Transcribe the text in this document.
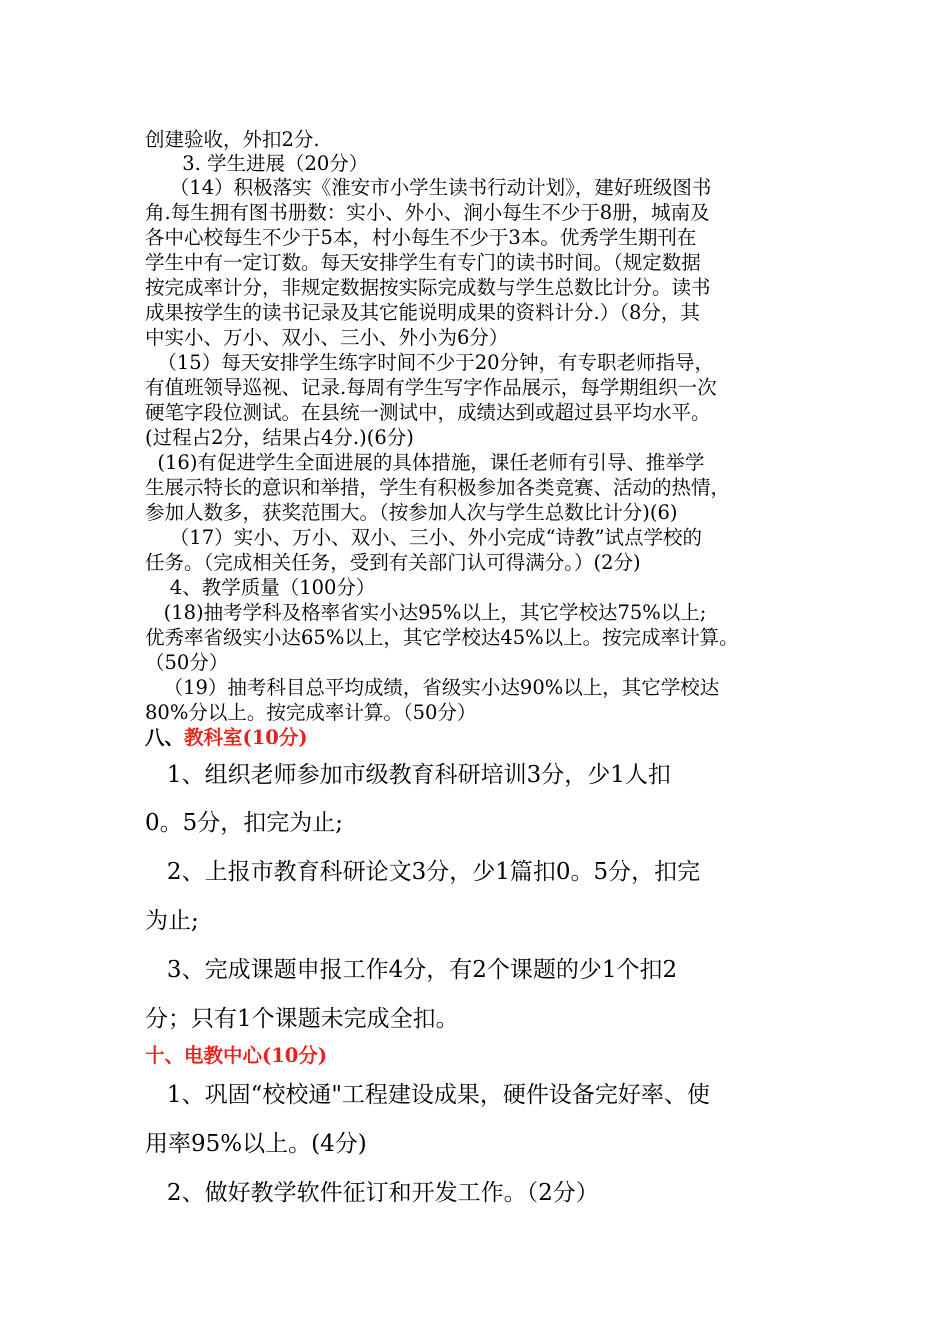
创建验收，外扣2分.

3. 学生进展（20分）

（14）积极落实《淮安市小学生读书行动计划》，建好班级图书

角.每生拥有图书册数：实小、外小、涧小每生不少于8册，城南及

各中心校每生不少于5本，村小每生不少于3本。优秀学生期刊在

学生中有一定订数。每天安排学生有专门的读书时间。（规定数据

按完成率计分，非规定数据按实际完成数与学生总数比计分。读书

成果按学生的读书记录及其它能说明成果的资料计分.）（8分，其

中实小、万小、双小、三小、外小为6分）

（15）每天安排学生练字时间不少于20分钟，有专职老师指导，

有值班领导巡视、记录.每周有学生写字作品展示，每学期组织一次

硬笔字段位测试。在县统一测试中，成绩达到或超过县平均水平。

(过程占2分，结果占4分.)(6分)

(16)有促进学生全面进展的具体措施，课任老师有引导、推举学

生展示特长的意识和举措，学生有积极参加各类竞赛、活动的热情，

参加人数多，获奖范围大。（按参加人次与学生总数比计分)(6)

（17）实小、万小、双小、三小、外小完成“诗教”试点学校的

任务。（完成相关任务，受到有关部门认可得满分。）(2分)

4、教学质量（100分）

(18)抽考学科及格率省实小达95%以上，其它学校达75%以上;

优秀率省级实小达65%以上，其它学校达45%以上。按完成率计算。

（50分）

（19）抽考科目总平均成绩，省级实小达90%以上，其它学校达

80%分以上。按完成率计算。（50分）

八、教科室(10分)

1、组织老师参加市级教育科研培训3分，少1人扣

0。5分，扣完为止;

2、上报市教育科研论文3分，少1篇扣0。5分，扣完

为止;

3、完成课题申报工作4分，有2个课题的少1个扣2

分；只有1个课题未完成全扣。

十、电教中心(10分)

1、巩固“校校通"工程建设成果，硬件设备完好率、使

用率95%以上。(4分)

2、做好教学软件征订和开发工作。（2分）
